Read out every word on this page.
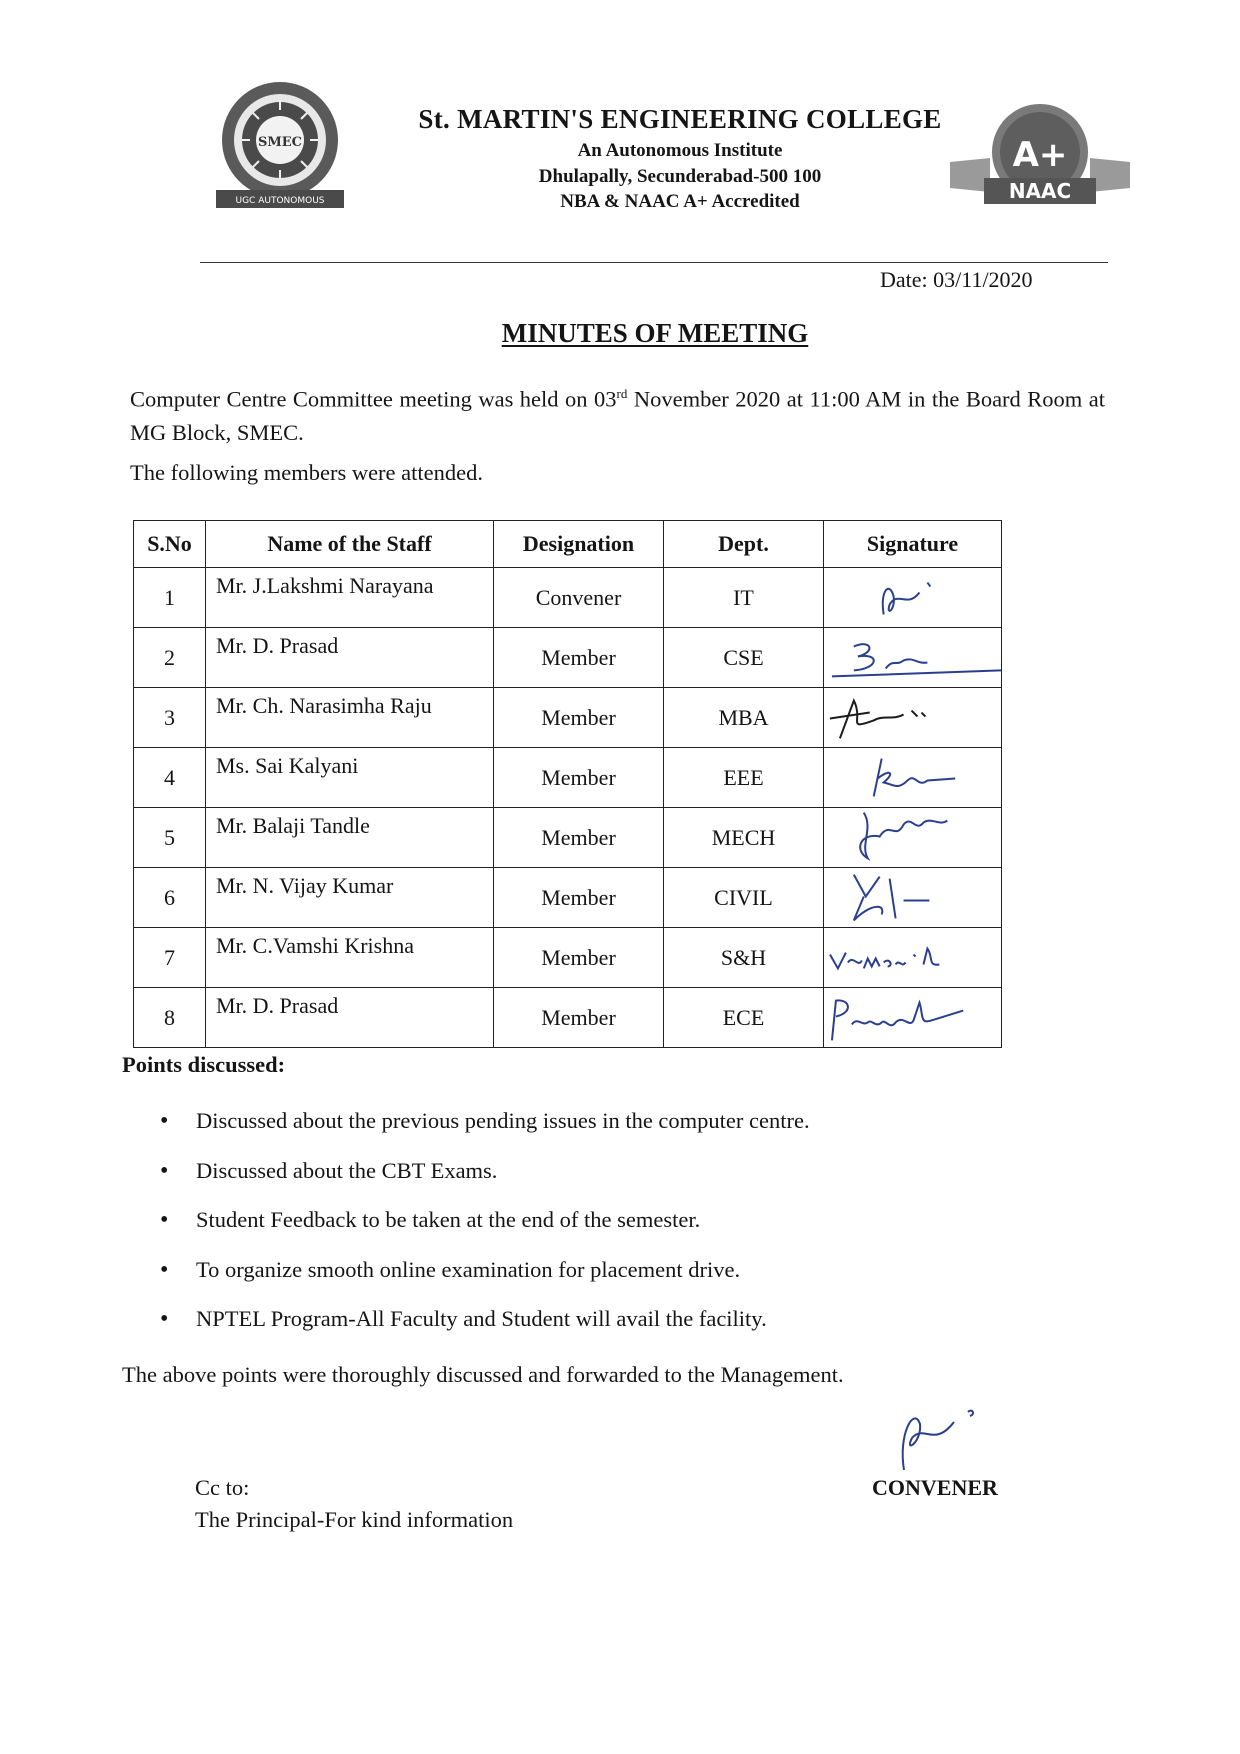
SMEC
UGC AUTONOMOUS
St. MARTIN'S ENGINEERING COLLEGE
An Autonomous Institute
Dhulapally, Secunderabad-500 100
NBA & NAAC A+ Accredited
A+
NAAC
Date: 03/11/2020
MINUTES OF MEETING
Computer Centre Committee meeting was held on 03rd November 2020 at 11:00 AM in the Board Room at MG Block, SMEC.
The following members were attended.
S.No	Name of the Staff	Designation	Dept.	Signature
1	Mr. J.Lakshmi Narayana	Convener	IT	

2	Mr. D. Prasad	Member	CSE	

3	Mr. Ch. Narasimha Raju	Member	MBA	

4	Ms. Sai Kalyani	Member	EEE	

5	Mr. Balaji Tandle	Member	MECH	

6	Mr. N. Vijay Kumar	Member	CIVIL	

7	Mr. C.Vamshi Krishna	Member	S&H	

8	Mr. D. Prasad	Member	ECE	
Points discussed:
• Discussed about the previous pending issues in the computer centre.
• Discussed about the CBT Exams.
• Student Feedback to be taken at the end of the semester.
• To organize smooth online examination for placement drive.
• NPTEL Program-All Faculty and Student will avail the facility.
The above points were thoroughly discussed and forwarded to the Management.
CONVENER
Cc to:
The Principal-For kind information
